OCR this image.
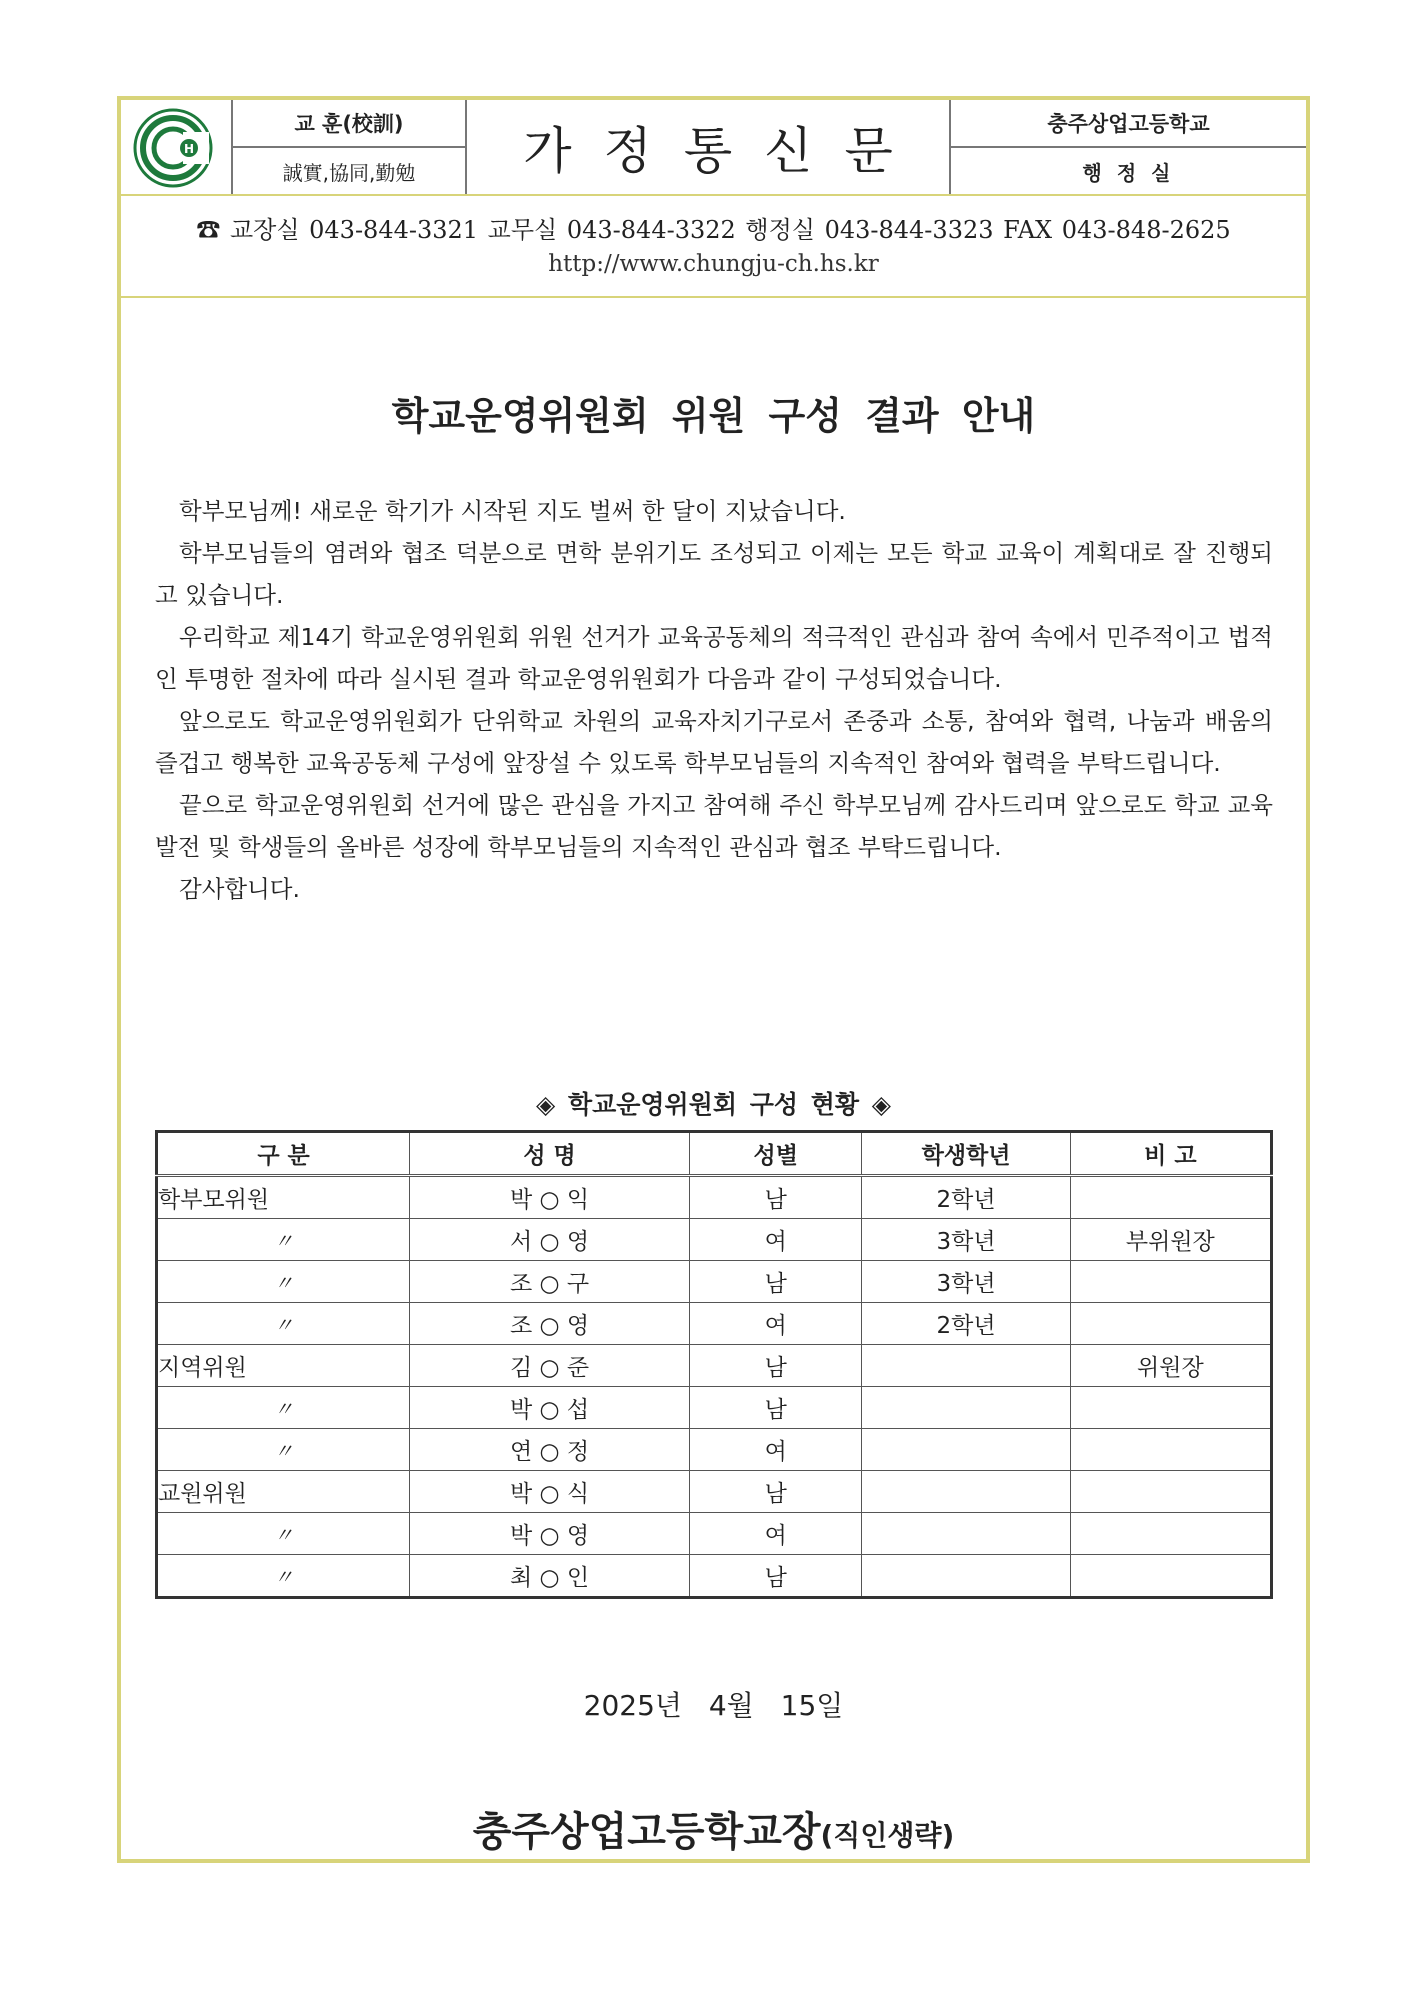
H
교 훈(校訓)
誠實,協同,勤勉	가정통신문	충주상업고등학교
행 정 실
☎ 교장실 043-844-3321 교무실 043-844-3322 행정실 043-844-3323 FAX 043-848-2625
http://www.chungju-ch.hs.kr
학교운영위원회 위원 구성 결과 안내

학부모님께! 새로운 학기가 시작된 지도 벌써 한 달이 지났습니다.

학부모님들의 염려와 협조 덕분으로 면학 분위기도 조성되고 이제는 모든 학교 교육이 계획대로 잘 진행되고 있습니다.

우리학교 제14기 학교운영위원회 위원 선거가 교육공동체의 적극적인 관심과 참여 속에서 민주적이고 법적인 투명한 절차에 따라 실시된 결과 학교운영위원회가 다음과 같이 구성되었습니다.

앞으로도 학교운영위원회가 단위학교 차원의 교육자치기구로서 존중과 소통, 참여와 협력, 나눔과 배움의 즐겁고 행복한 교육공동체 구성에 앞장설 수 있도록 학부모님들의 지속적인 참여와 협력을 부탁드립니다.

끝으로 학교운영위원회 선거에 많은 관심을 가지고 참여해 주신 학부모님께 감사드리며 앞으로도 학교 교육 발전 및 학생들의 올바른 성장에 학부모님들의 지속적인 관심과 협조 부탁드립니다.

감사합니다.

◈ 학교운영위원회 구성 현황 ◈
구 분	성 명	성별	학생학년	비 고
학부모위원	박 ○ 익	남	2학년	
〃	서 ○ 영	여	3학년	부위원장
〃	조 ○ 구	남	3학년	
〃	조 ○ 영	여	2학년	
지역위원	김 ○ 준	남		위원장
〃	박 ○ 섭	남		
〃	연 ○ 정	여		
교원위원	박 ○ 식	남		
〃	박 ○ 영	여		
〃	최 ○ 인	남		
2025년 4월 15일
충주상업고등학교장(직인생략)
